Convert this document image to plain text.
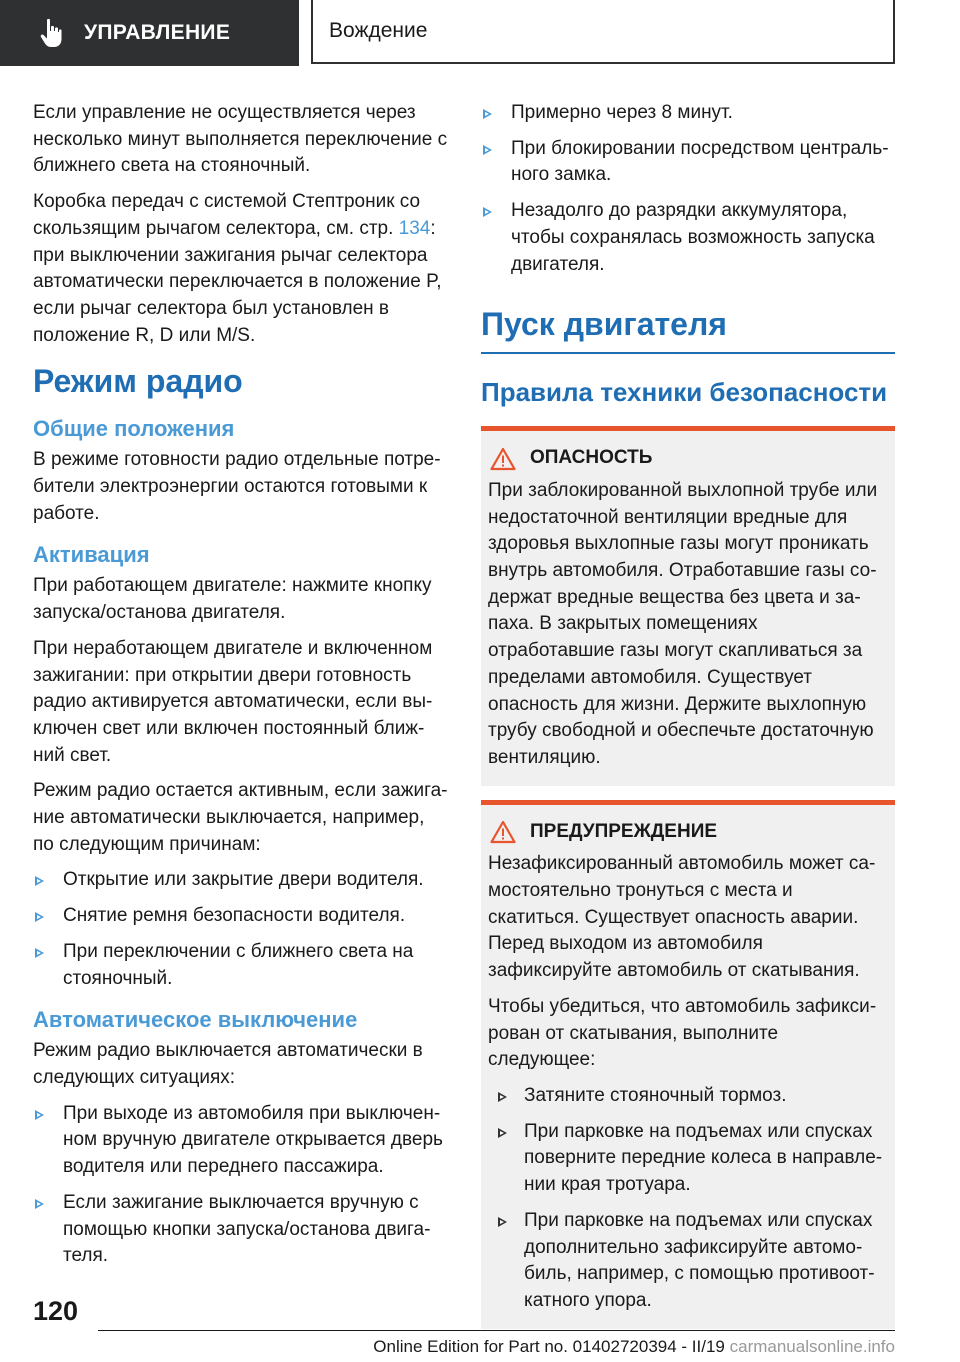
УПРАВЛЕНИЕ	Вождение

Если управление не осуществляется через несколько минут выполняется переключение с ближнего света на стояночный.

Коробка передач с системой Стептроник со скользящим рычагом селектора, см. стр. 134: при выключении зажигания рычаг селектора автоматически переключается в положение P, если рычаг селектора был установлен в положение R, D или M/S.

Режим радио
Общие положения

В режиме готовности радио отдельные потребители электроэнергии остаются готовыми к работе.

Активация

При работающем двигателе: нажмите кнопку запуска/останова двигателя.

При неработающем двигателе и включенном зажигании: при открытии двери готовность радио активируется автоматически, если выключен свет или включен постоянный ближний свет.

Режим радио остается активным, если зажигание автоматически выключается, например, по следующим причинам:

Открытие или закрытие двери водителя.
Снятие ремня безопасности водителя.
При переключении с ближнего света на стояночный.
Автоматическое выключение

Режим радио выключается автоматически в следующих ситуациях:

При выходе из автомобиля при выключенном вручную двигателе открывается дверь водителя или переднего пассажира.
Если зажигание выключается вручную с помощью кнопки запуска/останова двигателя.
Примерно через 8 минут.
При блокировании посредством центрального замка.
Незадолго до разрядки аккумулятора, чтобы сохранялась возможность запуска двигателя.
Пуск двигателя
Правила техники безопасности
ОПАСНОСТЬ

При заблокированной выхлопной трубе или недостаточной вентиляции вредные для здоровья выхлопные газы могут проникать внутрь автомобиля. Отработавшие газы содержат вредные вещества без цвета и запаха. В закрытых помещениях отработавшие газы могут скапливаться за пределами автомобиля. Существует опасность для жизни. Держите выхлопную трубу свободной и обеспечьте достаточную вентиляцию.

ПРЕДУПРЕЖДЕНИЕ

Незафиксированный автомобиль может самостоятельно тронуться с места и скатиться. Существует опасность аварии. Перед выходом из автомобиля зафиксируйте автомобиль от скатывания.

Чтобы убедиться, что автомобиль зафиксирован от скатывания, выполните следующее:

Затяните стояночный тормоз.
При парковке на подъемах или спусках поверните передние колеса в направлении края тротуара.
При парковке на подъемах или спусках дополнительно зафиксируйте автомобиль, например, с помощью противооткатного упора.
120
Online Edition for Part no. 01402720394 - II/19 carmanualsonline.info
